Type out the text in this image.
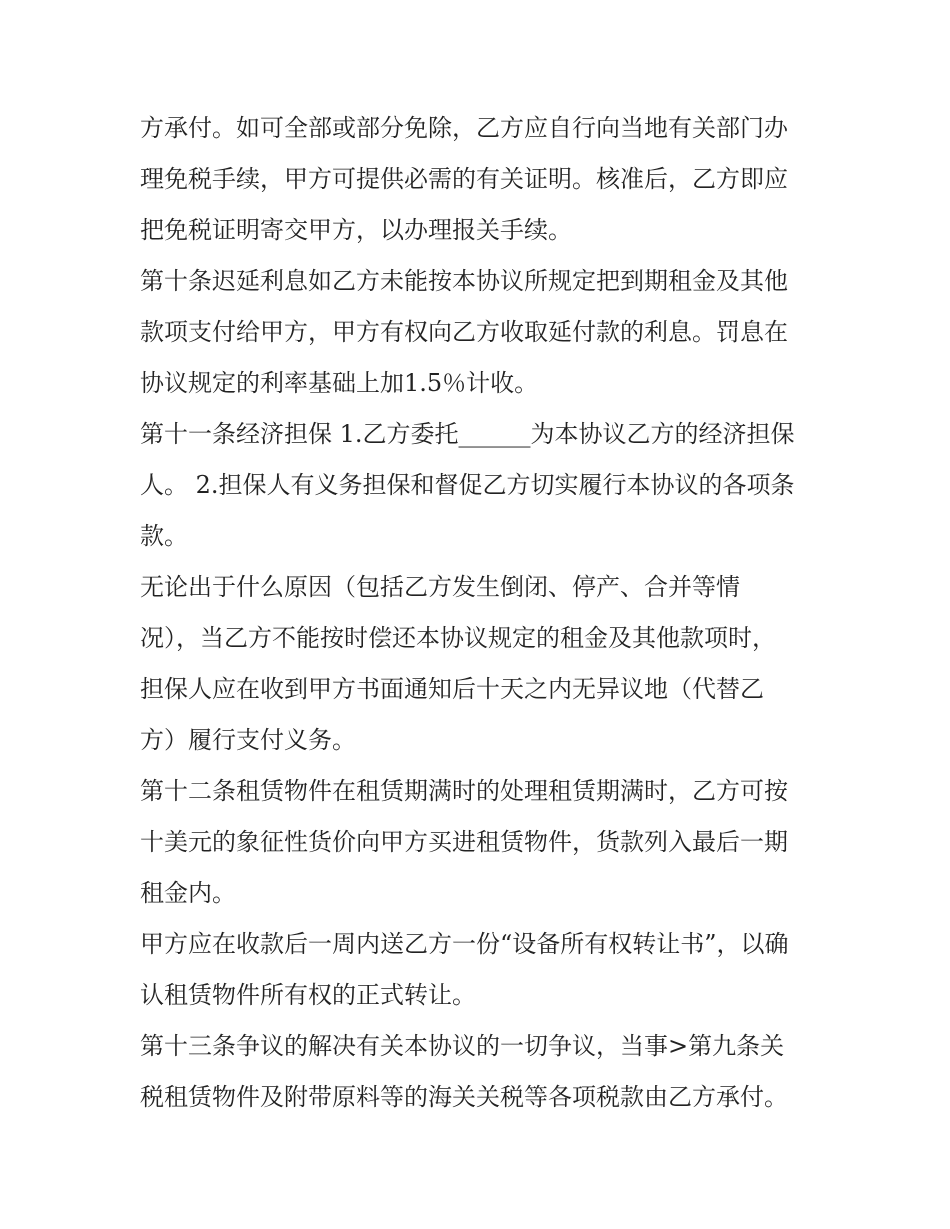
方承付。如可全部或部分免除，乙方应自行向当地有关部门办
理免税手续，甲方可提供必需的有关证明。核准后，乙方即应
把免税证明寄交甲方，以办理报关手续。
第十条迟延利息如乙方未能按本协议所规定把到期租金及其他
款项支付给甲方，甲方有权向乙方收取延付款的利息。罚息在
协议规定的利率基础上加1.5％计收。
第十一条经济担保 1.乙方委托______为本协议乙方的经济担保
人。 2.担保人有义务担保和督促乙方切实履行本协议的各项条
款。
无论出于什么原因（包括乙方发生倒闭、停产、合并等情
况），当乙方不能按时偿还本协议规定的租金及其他款项时，
担保人应在收到甲方书面通知后十天之内无异议地（代替乙
方）履行支付义务。
第十二条租赁物件在租赁期满时的处理租赁期满时，乙方可按
十美元的象征性货价向甲方买进租赁物件，货款列入最后一期
租金内。
甲方应在收款后一周内送乙方一份“设备所有权转让书”，以确
认租赁物件所有权的正式转让。
第十三条争议的解决有关本协议的一切争议，当事>第九条关
税租赁物件及附带原料等的海关关税等各项税款由乙方承付。
